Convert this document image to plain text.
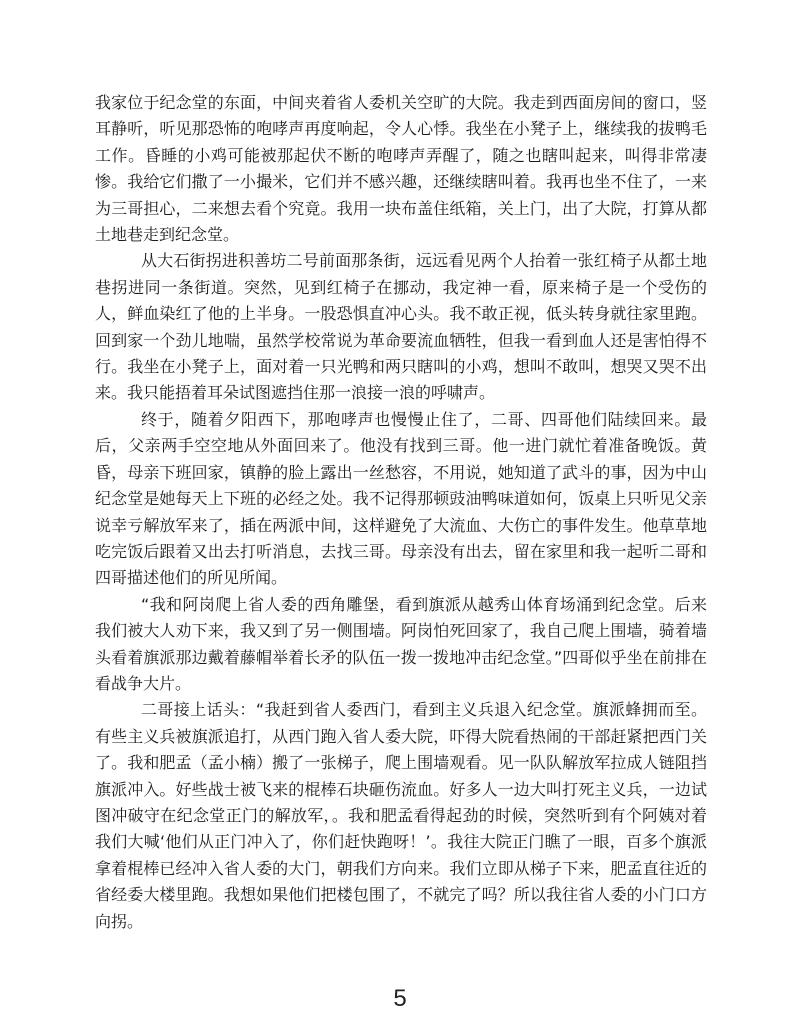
我家位于纪念堂的东面，中间夹着省人委机关空旷的大院。我走到西面房间的窗口，竖耳静听，听见那恐怖的咆哮声再度响起，令人心悸。我坐在小凳子上，继续我的拔鸭毛工作。昏睡的小鸡可能被那起伏不断的咆哮声弄醒了，随之也瞎叫起来，叫得非常凄惨。我给它们撒了一小撮米，它们并不感兴趣，还继续瞎叫着。我再也坐不住了，一来为三哥担心，二来想去看个究竟。我用一块布盖住纸箱，关上门，出了大院，打算从都土地巷走到纪念堂。

从大石街拐进积善坊二号前面那条街，远远看见两个人抬着一张红椅子从都土地巷拐进同一条街道。突然，见到红椅子在挪动，我定神一看，原来椅子是一个受伤的人，鲜血染红了他的上半身。一股恐惧直冲心头。我不敢正视，低头转身就往家里跑。回到家一个劲儿地喘，虽然学校常说为革命要流血牺牲，但我一看到血人还是害怕得不行。我坐在小凳子上，面对着一只光鸭和两只瞎叫的小鸡，想叫不敢叫，想哭又哭不出来。我只能捂着耳朵试图遮挡住那一浪接一浪的呼啸声。

终于，随着夕阳西下，那咆哮声也慢慢止住了，二哥、四哥他们陆续回来。最后，父亲两手空空地从外面回来了。他没有找到三哥。他一进门就忙着准备晚饭。黄昏，母亲下班回家，镇静的脸上露出一丝愁容，不用说，她知道了武斗的事，因为中山纪念堂是她每天上下班的必经之处。我不记得那顿豉油鸭味道如何，饭桌上只听见父亲说幸亏解放军来了，插在两派中间，这样避免了大流血、大伤亡的事件发生。他草草地吃完饭后跟着又出去打听消息，去找三哥。母亲没有出去，留在家里和我一起听二哥和四哥描述他们的所见所闻。

“我和阿岗爬上省人委的西角雕堡，看到旗派从越秀山体育场涌到纪念堂。后来我们被大人劝下来，我又到了另一侧围墙。阿岗怕死回家了，我自己爬上围墙，骑着墙头看着旗派那边戴着藤帽举着长矛的队伍一拨一拨地冲击纪念堂。”四哥似乎坐在前排在看战争大片。

二哥接上话头：“我赶到省人委西门，看到主义兵退入纪念堂。旗派蜂拥而至。有些主义兵被旗派追打，从西门跑入省人委大院，吓得大院看热闹的干部赶紧把西门关了。我和肥孟（孟小楠）搬了一张梯子，爬上围墙观看。见一队队解放军拉成人链阻挡旗派冲入。好些战士被飞来的棍棒石块砸伤流血。好多人一边大叫打死主义兵，一边试图冲破守在纪念堂正门的解放军，。我和肥孟看得起劲的时候，突然听到有个阿姨对着我们大喊‘他们从正门冲入了，你们赶快跑呀！’。我往大院正门瞧了一眼，百多个旗派拿着棍棒已经冲入省人委的大门，朝我们方向来。我们立即从梯子下来，肥孟直往近的省经委大楼里跑。我想如果他们把楼包围了，不就完了吗？所以我往省人委的小门口方向拐。

5
